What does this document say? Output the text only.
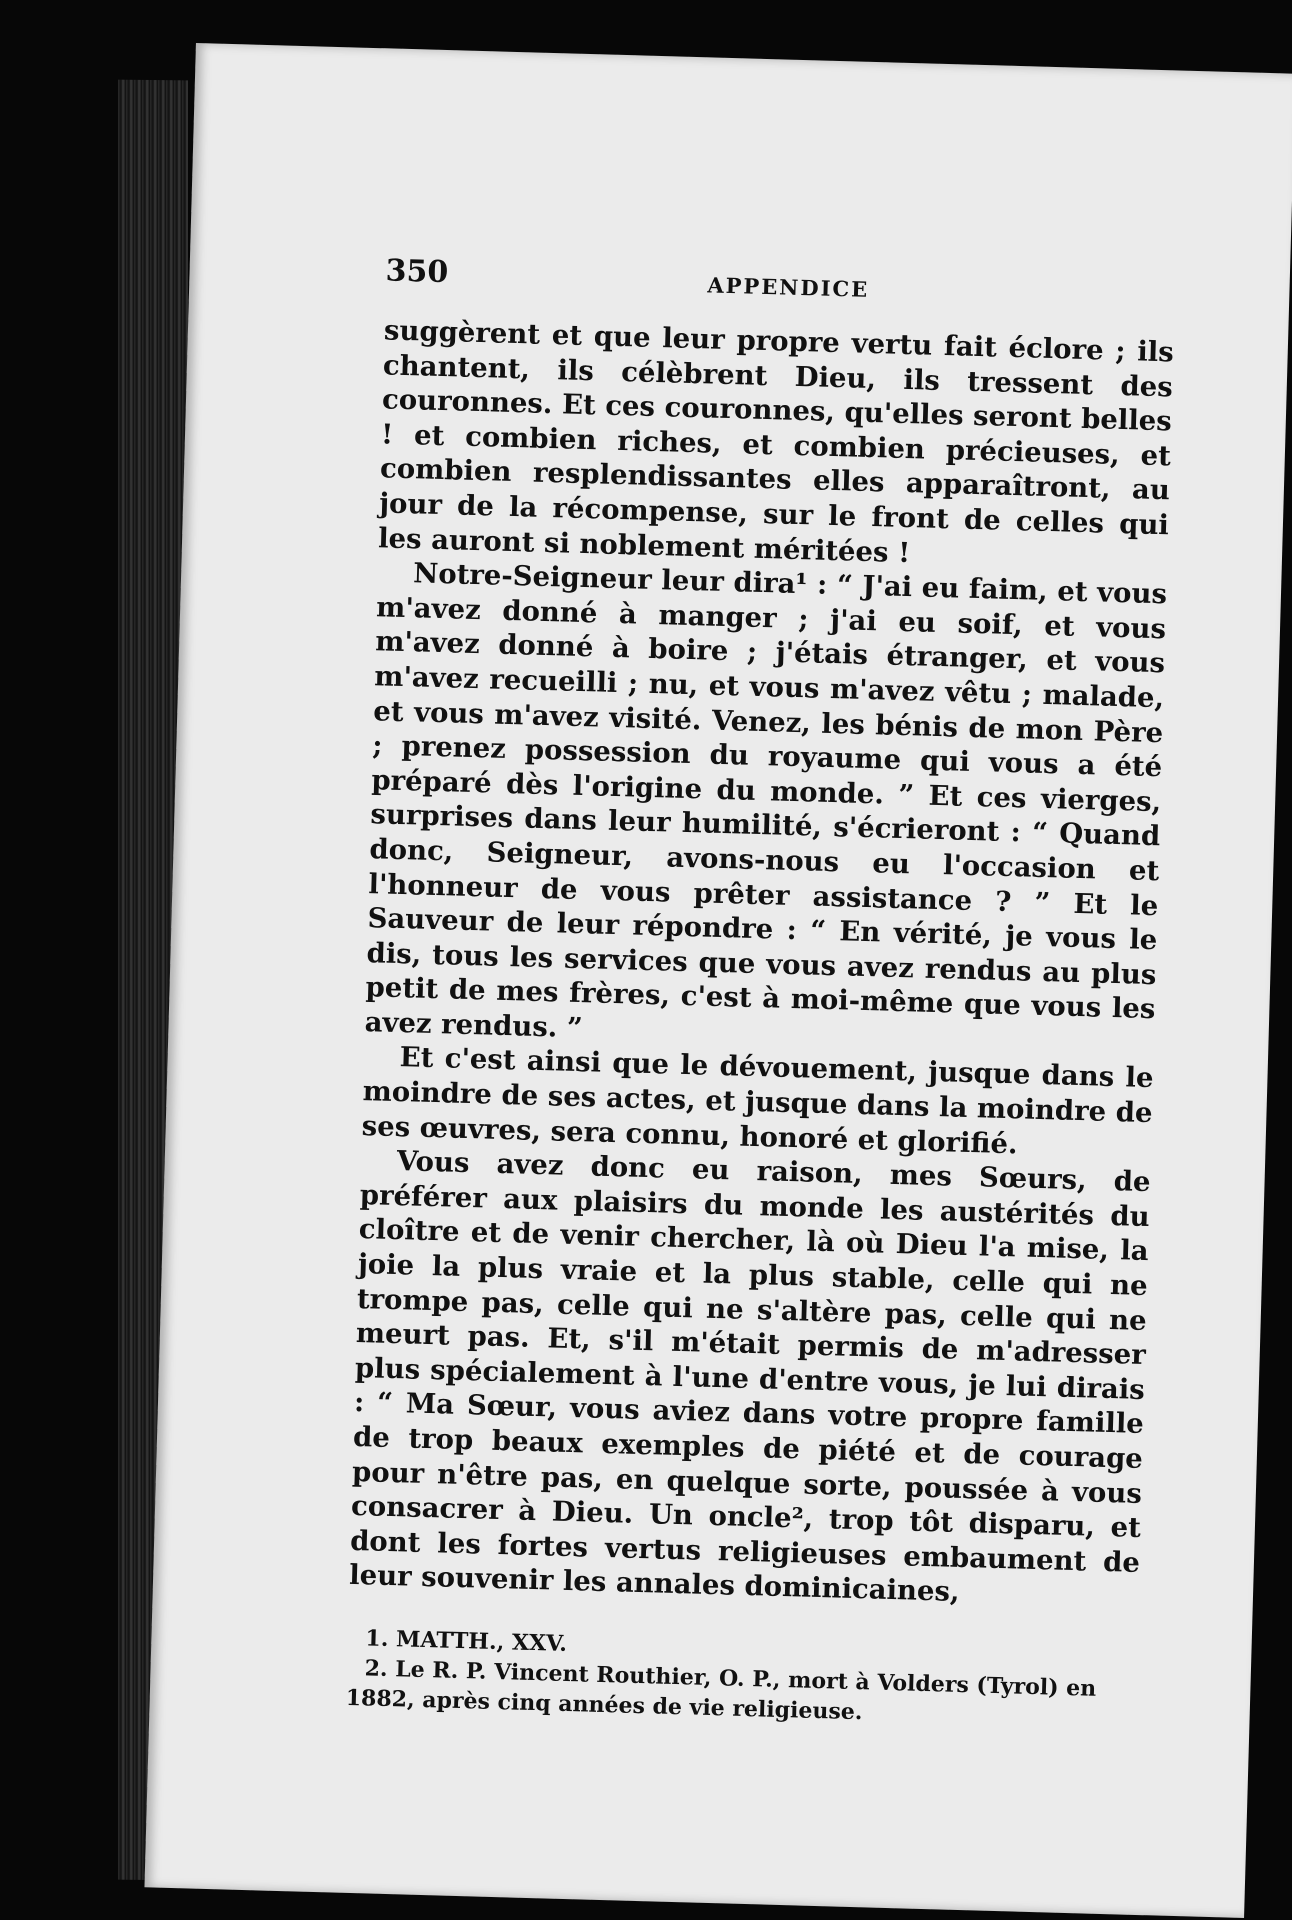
350	APPENDICE

suggèrent et que leur propre vertu fait éclore ; ils chantent, ils célèbrent Dieu, ils tressent des couronnes. Et ces couronnes, qu'elles seront belles ! et combien riches, et combien précieuses, et combien resplendissantes elles apparaîtront, au jour de la récompense, sur le front de celles qui les auront si noblement méritées !

Notre-Seigneur leur dira¹ : “ J'ai eu faim, et vous m'avez donné à manger ; j'ai eu soif, et vous m'avez donné à boire ; j'étais étranger, et vous m'avez recueilli ; nu, et vous m'avez vêtu ; malade, et vous m'avez visité. Venez, les bénis de mon Père ; prenez possession du royaume qui vous a été préparé dès l'origine du monde. ” Et ces vierges, surprises dans leur humilité, s'écrieront : “ Quand donc, Seigneur, avons-nous eu l'occasion et l'honneur de vous prêter assistance ? ” Et le Sauveur de leur répondre : “ En vérité, je vous le dis, tous les services que vous avez rendus au plus petit de mes frères, c'est à moi-même que vous les avez rendus. ”

Et c'est ainsi que le dévouement, jusque dans le moindre de ses actes, et jusque dans la moindre de ses œuvres, sera connu, honoré et glorifié.

Vous avez donc eu raison, mes Sœurs, de préférer aux plaisirs du monde les austérités du cloître et de venir chercher, là où Dieu l'a mise, la joie la plus vraie et la plus stable, celle qui ne trompe pas, celle qui ne s'altère pas, celle qui ne meurt pas. Et, s'il m'était permis de m'adresser plus spécialement à l'une d'entre vous, je lui dirais : “ Ma Sœur, vous aviez dans votre propre famille de trop beaux exemples de piété et de courage pour n'être pas, en quelque sorte, poussée à vous consacrer à Dieu. Un oncle², trop tôt disparu, et dont les fortes vertus religieuses embaument de leur souvenir les annales dominicaines,

1. MATTH., XXV.

2. Le R. P. Vincent Routhier, O. P., mort à Volders (Tyrol) en 1882, après cinq années de vie religieuse.
